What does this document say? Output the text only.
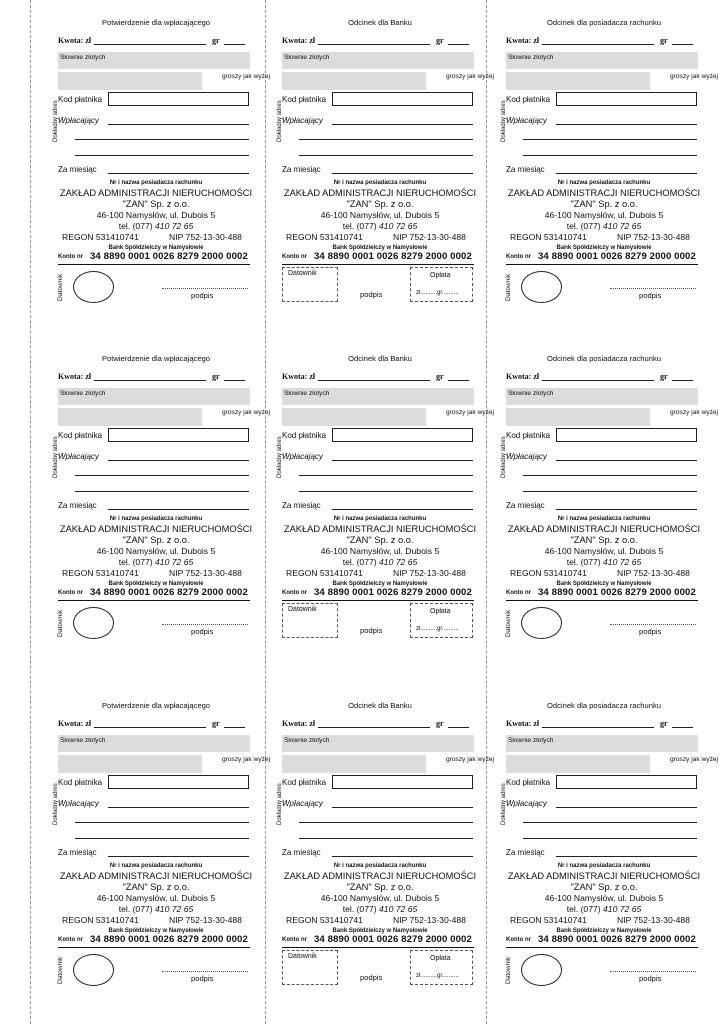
Potwierdzenie dla wpłacającego
Kwota: zł	gr
Słownie złotych
groszy jak wyżej
Kod płatnika
Wpłacający
Dokładny adres
Za miesiąc
Nr i nazwa posiadacza rachunku
ZAKŁAD ADMINISTRACJI NIERUCHOMOŚCI
"ZAN" Sp. z o.o.
46-100 Namysłów, ul. Dubois 5
tel. (077) 410 72 65
REGON 531410741	NIP 752-13-30-488
Bank Spółdzielczy w Namysłowie
Konto nr 34 8890 0001 0026 8279 2000 0002
Datownik	podpis
Odcinek dla Banku
Kwota: zł	gr
Słownie złotych
groszy jak wyżej
Kod płatnika
Wpłacający
Dokładny adres
Za miesiąc
Nr i nazwa posiadacza rachunku
ZAKŁAD ADMINISTRACJI NIERUCHOMOŚCI
"ZAN" Sp. z o.o.
46-100 Namysłów, ul. Dubois 5
tel. (077) 410 72 65
REGON 531410741	NIP 752-13-30-488
Bank Spółdzielczy w Namysłowie
Konto nr 34 8890 0001 0026 8279 2000 0002
Datownik
podpis
Opłata
zł..........gr..........
Odcinek dla posiadacza rachunku
Kwota: zł	gr
Słownie złotych
groszy jak wyżej
Kod płatnika
Wpłacający
Dokładny adres
Za miesiąc
Nr i nazwa posiadacza rachunku
ZAKŁAD ADMINISTRACJI NIERUCHOMOŚCI
"ZAN" Sp. z o.o.
46-100 Namysłów, ul. Dubois 5
tel. (077) 410 72 65
REGON 531410741	NIP 752-13-30-488
Bank Spółdzielczy w Namysłowie
Konto nr 34 8890 0001 0026 8279 2000 0002
Datownik	podpis
Potwierdzenie dla wpłacającego
Kwota: zł	gr
Słownie złotych
groszy jak wyżej
Kod płatnika
Wpłacający
Dokładny adres
Za miesiąc
Nr i nazwa posiadacza rachunku
ZAKŁAD ADMINISTRACJI NIERUCHOMOŚCI
"ZAN" Sp. z o.o.
46-100 Namysłów, ul. Dubois 5
tel. (077) 410 72 65
REGON 531410741	NIP 752-13-30-488
Bank Spółdzielczy w Namysłowie
Konto nr 34 8890 0001 0026 8279 2000 0002
Datownik	podpis
Odcinek dla Banku
Kwota: zł	gr
Słownie złotych
groszy jak wyżej
Kod płatnika
Wpłacający
Dokładny adres
Za miesiąc
Nr i nazwa posiadacza rachunku
ZAKŁAD ADMINISTRACJI NIERUCHOMOŚCI
"ZAN" Sp. z o.o.
46-100 Namysłów, ul. Dubois 5
tel. (077) 410 72 65
REGON 531410741	NIP 752-13-30-488
Bank Spółdzielczy w Namysłowie
Konto nr 34 8890 0001 0026 8279 2000 0002
Datownik
podpis
Opłata
zł..........gr..........
Odcinek dla posiadacza rachunku
Kwota: zł	gr
Słownie złotych
groszy jak wyżej
Kod płatnika
Wpłacający
Dokładny adres
Za miesiąc
Nr i nazwa posiadacza rachunku
ZAKŁAD ADMINISTRACJI NIERUCHOMOŚCI
"ZAN" Sp. z o.o.
46-100 Namysłów, ul. Dubois 5
tel. (077) 410 72 65
REGON 531410741	NIP 752-13-30-488
Bank Spółdzielczy w Namysłowie
Konto nr 34 8890 0001 0026 8279 2000 0002
Datownik	podpis
Potwierdzenie dla wpłacającego
Kwota: zł	gr
Słownie złotych
groszy jak wyżej
Kod płatnika
Wpłacający
Dokładny adres
Za miesiąc
Nr i nazwa posiadacza rachunku
ZAKŁAD ADMINISTRACJI NIERUCHOMOŚCI
"ZAN" Sp. z o.o.
46-100 Namysłów, ul. Dubois 5
tel. (077) 410 72 65
REGON 531410741	NIP 752-13-30-488
Bank Spółdzielczy w Namysłowie
Konto nr 34 8890 0001 0026 8279 2000 0002
Datownik	podpis
Odcinek dla Banku
Kwota: zł	gr
Słownie złotych
groszy jak wyżej
Kod płatnika
Wpłacający
Dokładny adres
Za miesiąc
Nr i nazwa posiadacza rachunku
ZAKŁAD ADMINISTRACJI NIERUCHOMOŚCI
"ZAN" Sp. z o.o.
46-100 Namysłów, ul. Dubois 5
tel. (077) 410 72 65
REGON 531410741	NIP 752-13-30-488
Bank Spółdzielczy w Namysłowie
Konto nr 34 8890 0001 0026 8279 2000 0002
Datownik
podpis
Opłata
zł..........gr..........
Odcinek dla posiadacza rachunku
Kwota: zł	gr
Słownie złotych
groszy jak wyżej
Kod płatnika
Wpłacający
Dokładny adres
Za miesiąc
Nr i nazwa posiadacza rachunku
ZAKŁAD ADMINISTRACJI NIERUCHOMOŚCI
"ZAN" Sp. z o.o.
46-100 Namysłów, ul. Dubois 5
tel. (077) 410 72 65
REGON 531410741	NIP 752-13-30-488
Bank Spółdzielczy w Namysłowie
Konto nr 34 8890 0001 0026 8279 2000 0002
Datownik	podpis
